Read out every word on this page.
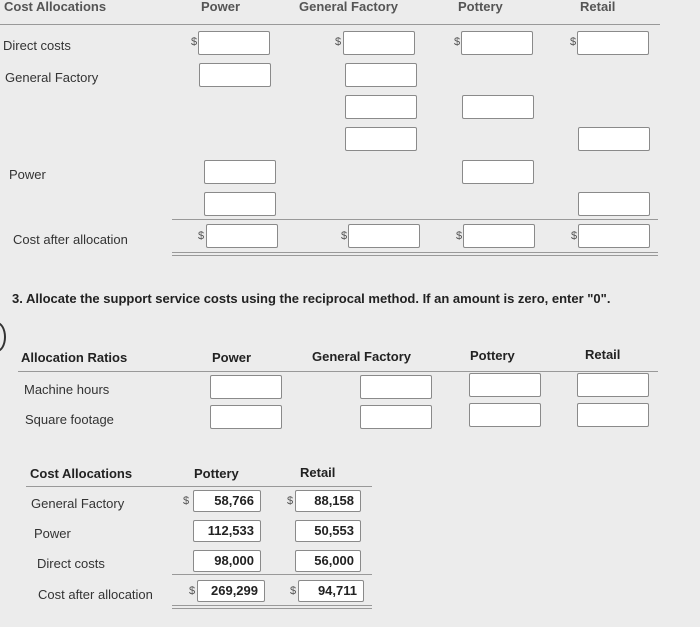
Cost Allocations	Power	General Factory	Pottery	Retail
Direct costs	$	$	$	$
General Factory
Power
Cost after allocation	$	$	$	$
3. Allocate the support service costs using the reciprocal method. If an amount is zero, enter "0".
Allocation Ratios	Power	General Factory	Pottery	Retail
Machine hours
Square footage
Cost Allocations	Pottery	Retail
General Factory	$	58,766	$	88,158
Power	112,533	50,553
Direct costs	98,000	56,000
Cost after allocation	$	269,299	$	94,711
